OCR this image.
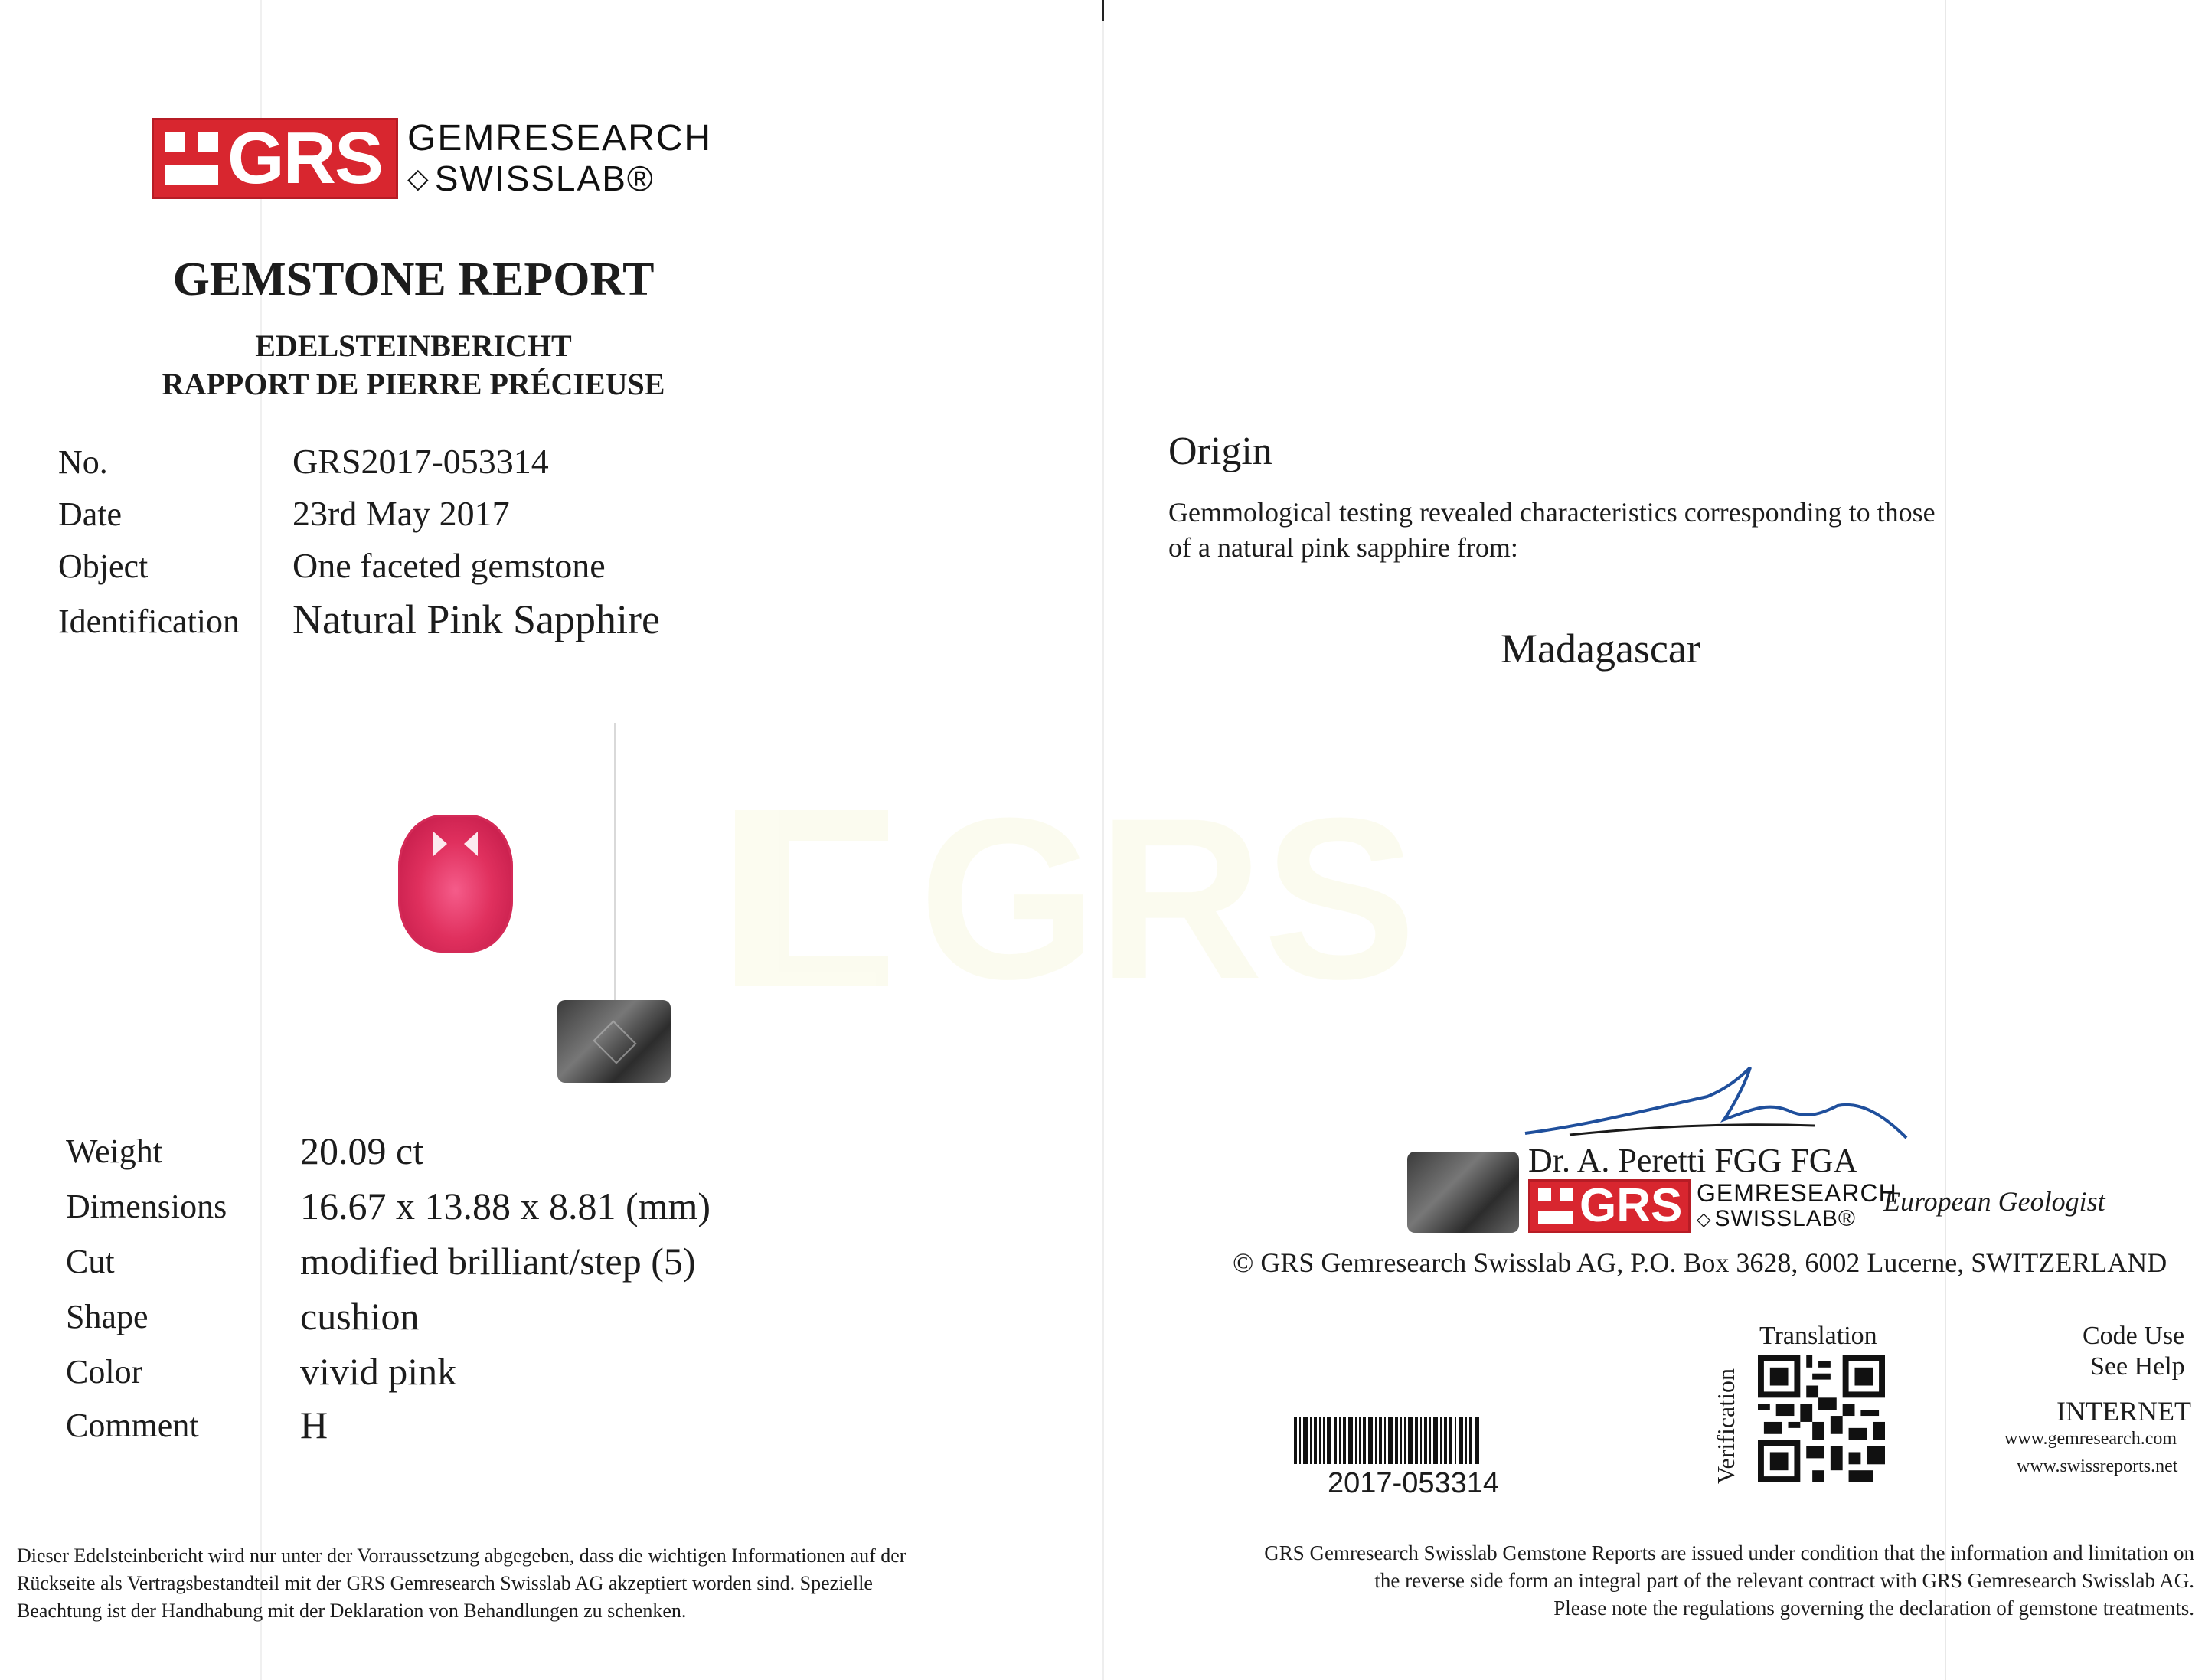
GRS GEMRESEARCH
◇ SWISSLAB®
GEMSTONE REPORT
EDELSTEINBERICHT
RAPPORT DE PIERRE PRÉCIEUSE
No.	GRS2017-053314
Date	23rd May 2017
Object	One faceted gemstone
Identification Natural Pink Sapphire
Weight	20.09 ct
Dimensions 16.67 x 13.88 x 8.81 (mm)
Cut	modified brilliant/step (5)
Shape	cushion
Color	vivid pink
Comment	H
Dieser Edelsteinbericht wird nur unter der Vorraussetzung abgegeben, dass die wichtigen Informationen auf der
Rückseite als Vertragsbestandteil mit der GRS Gemresearch Swisslab AG akzeptiert worden sind. Spezielle
Beachtung ist der Handhabung mit der Deklaration von Behandlungen zu schenken.
GRS
Origin
Gemmological testing revealed characteristics corresponding to those
of a natural pink sapphire from:
Madagascar
Dr. A. Peretti FGG FGA
GRS GEMRESEARCH
◇ SWISSLAB®
European Geologist
© GRS Gemresearch Swisslab AG, P.O. Box 3628, 6002 Lucerne, SWITZERLAND
2017-053314
Translation
Verification
Code Use
See Help
INTERNET
www.gemresearch.com
www.swissreports.net
GRS Gemresearch Swisslab Gemstone Reports are issued under condition that the information and limitation on
the reverse side form an integral part of the relevant contract with GRS Gemresearch Swisslab AG.
Please note the regulations governing the declaration of gemstone treatments.
